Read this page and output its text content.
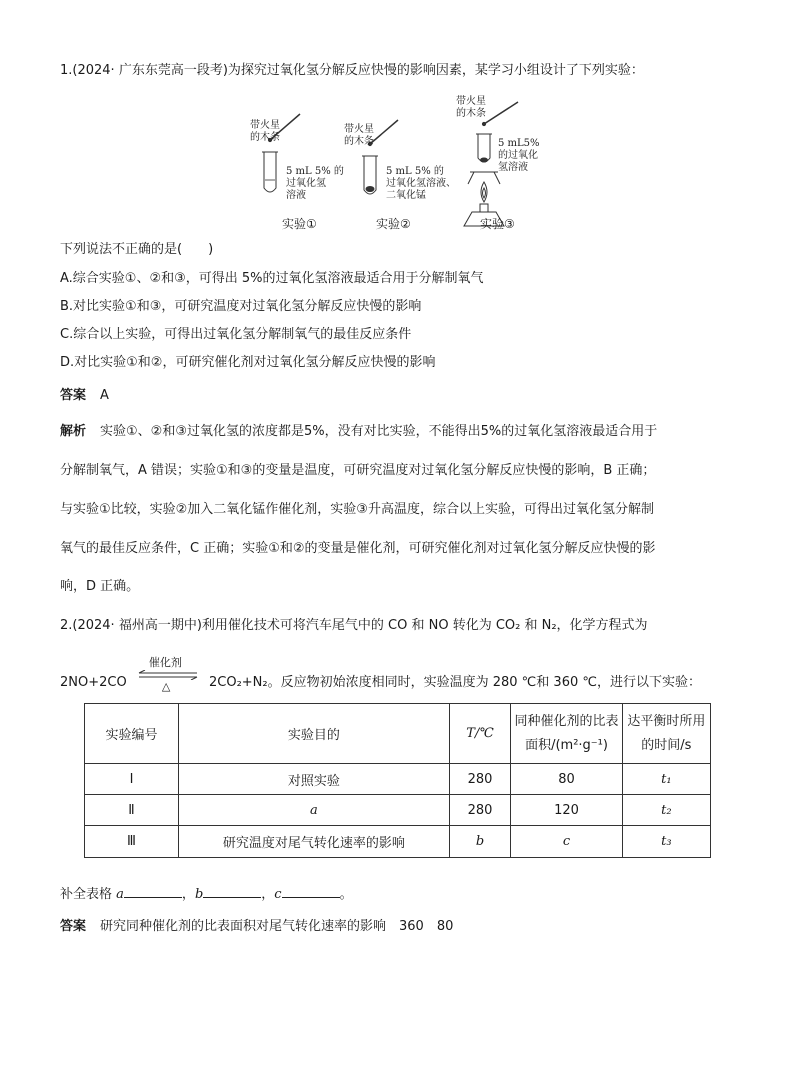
1.(2024· 广东东莞高一段考)为探究过氧化氢分解反应快慢的影响因素，某学习小组设计了下列实验：
带火星
的木条
5 mL 5% 的
过氧化氢
溶液
带火星
的木条
5 mL 5% 的
过氧化氢溶液、
二氧化锰
带火星
的木条
5 mL5%
的过氧化
氢溶液
实验①	实验②	实验③
下列说法不正确的是(　　)
A.综合实验①、②和③，可得出 5%的过氧化氢溶液最适合用于分解制氧气
B.对比实验①和③，可研究温度对过氧化氢分解反应快慢的影响
C.综合以上实验，可得出过氧化氢分解制氧气的最佳反应条件
D.对比实验①和②，可研究催化剂对过氧化氢分解反应快慢的影响
答案 A
解析 实验①、②和③过氧化氢的浓度都是5%，没有对比实验，不能得出5%的过氧化氢溶液最适合用于
分解制氧气，A 错误；实验①和③的变量是温度，可研究温度对过氧化氢分解反应快慢的影响，B 正确；
与实验①比较，实验②加入二氧化锰作催化剂，实验③升高温度，综合以上实验，可得出过氧化氢分解制
氧气的最佳反应条件，C 正确；实验①和②的变量是催化剂，可研究催化剂对过氧化氢分解反应快慢的影
响，D 正确。
2.(2024· 福州高一期中)利用催化技术可将汽车尾气中的 CO 和 NO 转化为 CO₂ 和 N₂，化学方程式为
2NO+2CO
催化剂
△	2CO₂+N₂。反应物初始浓度相同时，实验温度为 280 ℃和 360 ℃，进行以下实验：
实验编号	实验目的	T/℃	同种催化剂的比表面积/(m²·g⁻¹)	达平衡时所用的时间/s
Ⅰ	对照实验	280	80	t₁
Ⅱ	a	280	120	t₂
Ⅲ	研究温度对尾气转化速率的影响	b	c	t₃
补全表格 a	，b	，c	。
答案 研究同种催化剂的比表面积对尾气转化速率的影响　360　80
